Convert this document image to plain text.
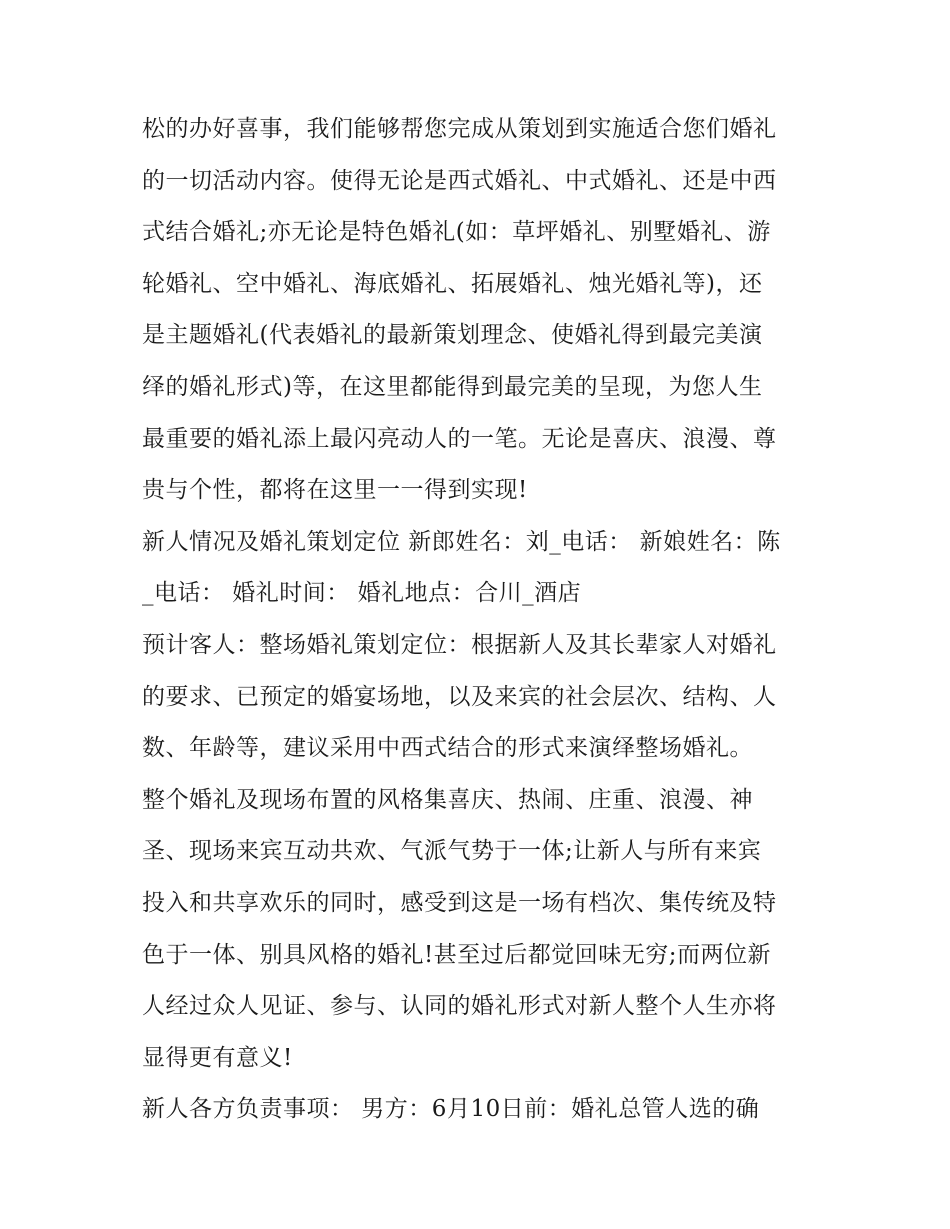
松的办好喜事，我们能够帮您完成从策划到实施适合您们婚礼
的一切活动内容。使得无论是西式婚礼、中式婚礼、还是中西
式结合婚礼;亦无论是特色婚礼(如：草坪婚礼、别墅婚礼、游
轮婚礼、空中婚礼、海底婚礼、拓展婚礼、烛光婚礼等)，还
是主题婚礼(代表婚礼的最新策划理念、使婚礼得到最完美演
绎的婚礼形式)等，在这里都能得到最完美的呈现，为您人生
最重要的婚礼添上最闪亮动人的一笔。无论是喜庆、浪漫、尊
贵与个性，都将在这里一一得到实现!
新人情况及婚礼策划定位 新郎姓名：刘_电话： 新娘姓名：陈
_电话： 婚礼时间： 婚礼地点：合川_酒店
预计客人：整场婚礼策划定位：根据新人及其长辈家人对婚礼
的要求、已预定的婚宴场地，以及来宾的社会层次、结构、人
数、年龄等，建议采用中西式结合的形式来演绎整场婚礼。
整个婚礼及现场布置的风格集喜庆、热闹、庄重、浪漫、神
圣、现场来宾互动共欢、气派气势于一体;让新人与所有来宾
投入和共享欢乐的同时，感受到这是一场有档次、集传统及特
色于一体、别具风格的婚礼!甚至过后都觉回味无穷;而两位新
人经过众人见证、参与、认同的婚礼形式对新人整个人生亦将
显得更有意义!
新人各方负责事项： 男方：6月10日前：婚礼总管人选的确
